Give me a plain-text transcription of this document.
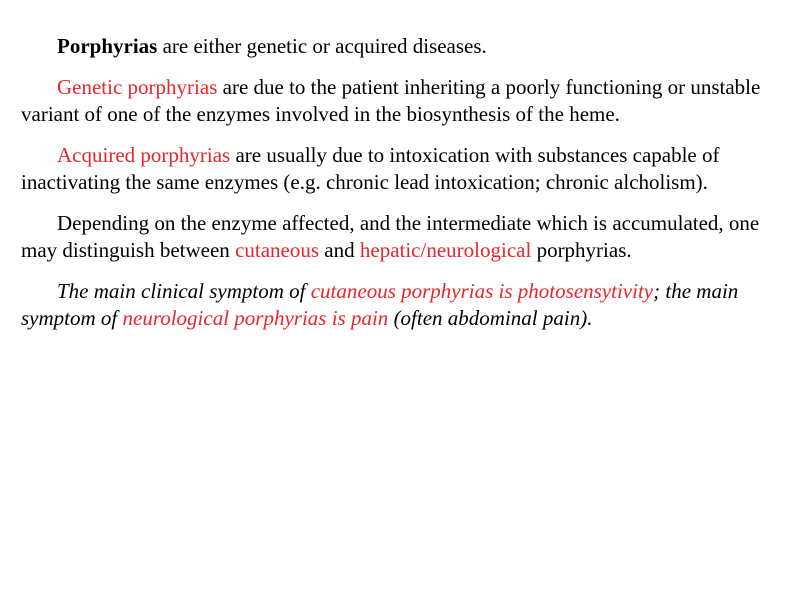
Porphyrias are either genetic or acquired diseases.

Genetic porphyrias are due to the patient inheriting a poorly functioning or unstable variant of one of the enzymes involved in the biosynthesis of the heme.

Acquired porphyrias are usually due to intoxication with substances capable of inactivating the same enzymes (e.g. chronic lead intoxication; chronic alcholism).

Depending on the enzyme affected, and the intermediate which is accumulated, one may distinguish between cutaneous and hepatic/neurological porphyrias.

The main clinical symptom of cutaneous porphyrias is photosensytivity; the main symptom of neurological porphyrias is pain (often abdominal pain).
